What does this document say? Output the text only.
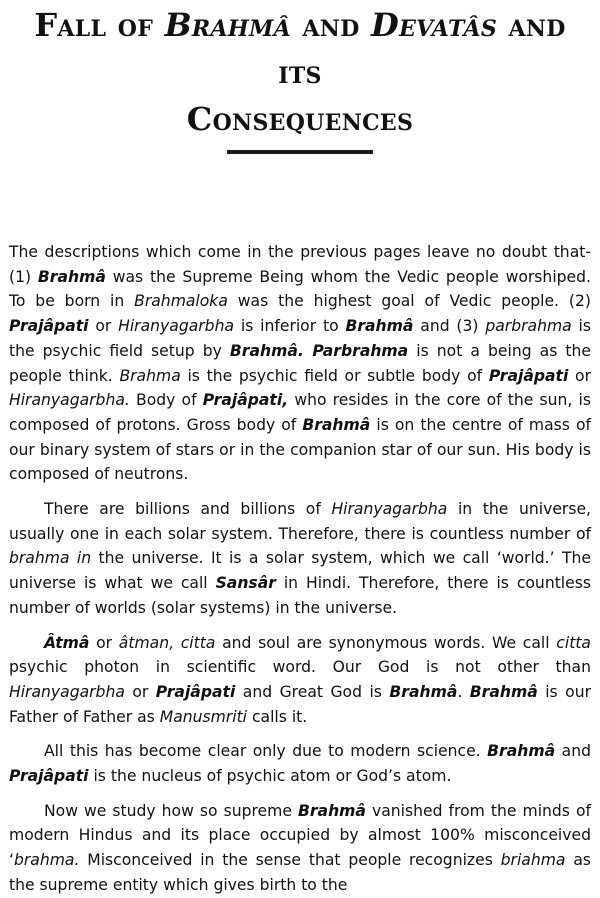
Fall of Brahmâ and Devatâs and its
Consequences

The descriptions which come in the previous pages leave no doubt that- (1) Brahmâ was the Supreme Being whom the Vedic people worshiped. To be born in Brahmaloka was the highest goal of Vedic people. (2) Prajâpati or Hiranyagarbha is inferior to Brahmâ and (3) parbrahma is the psychic field setup by Brahmâ. Parbrahma is not a being as the people think. Brahma is the psychic field or subtle body of Prajâpati or Hiranyagarbha. Body of Prajâpati, who resides in the core of the sun, is composed of protons. Gross body of Brahmâ is on the centre of mass of our binary system of stars or in the companion star of our sun. His body is composed of neutrons.

There are billions and billions of Hiranyagarbha in the universe, usually one in each solar system. Therefore, there is countless number of brahma in the universe. It is a solar system, which we call ‘world.’ The universe is what we call Sansâr in Hindi. Therefore, there is countless number of worlds (solar systems) in the universe.

Âtmâ or âtman, citta and soul are synonymous words. We call citta psychic photon in scientific word. Our God is not other than Hiranyagarbha or Prajâpati and Great God is Brahmâ. Brahmâ is our Father of Father as Manusmriti calls it.

All this has become clear only due to modern science. Brahmâ and Prajâpati is the nucleus of psychic atom or God’s atom.

Now we study how so supreme Brahmâ vanished from the minds of modern Hindus and its place occupied by almost 100% misconceived ‘brahma. Misconceived in the sense that people recognizes briahma as the supreme entity which gives birth to the
